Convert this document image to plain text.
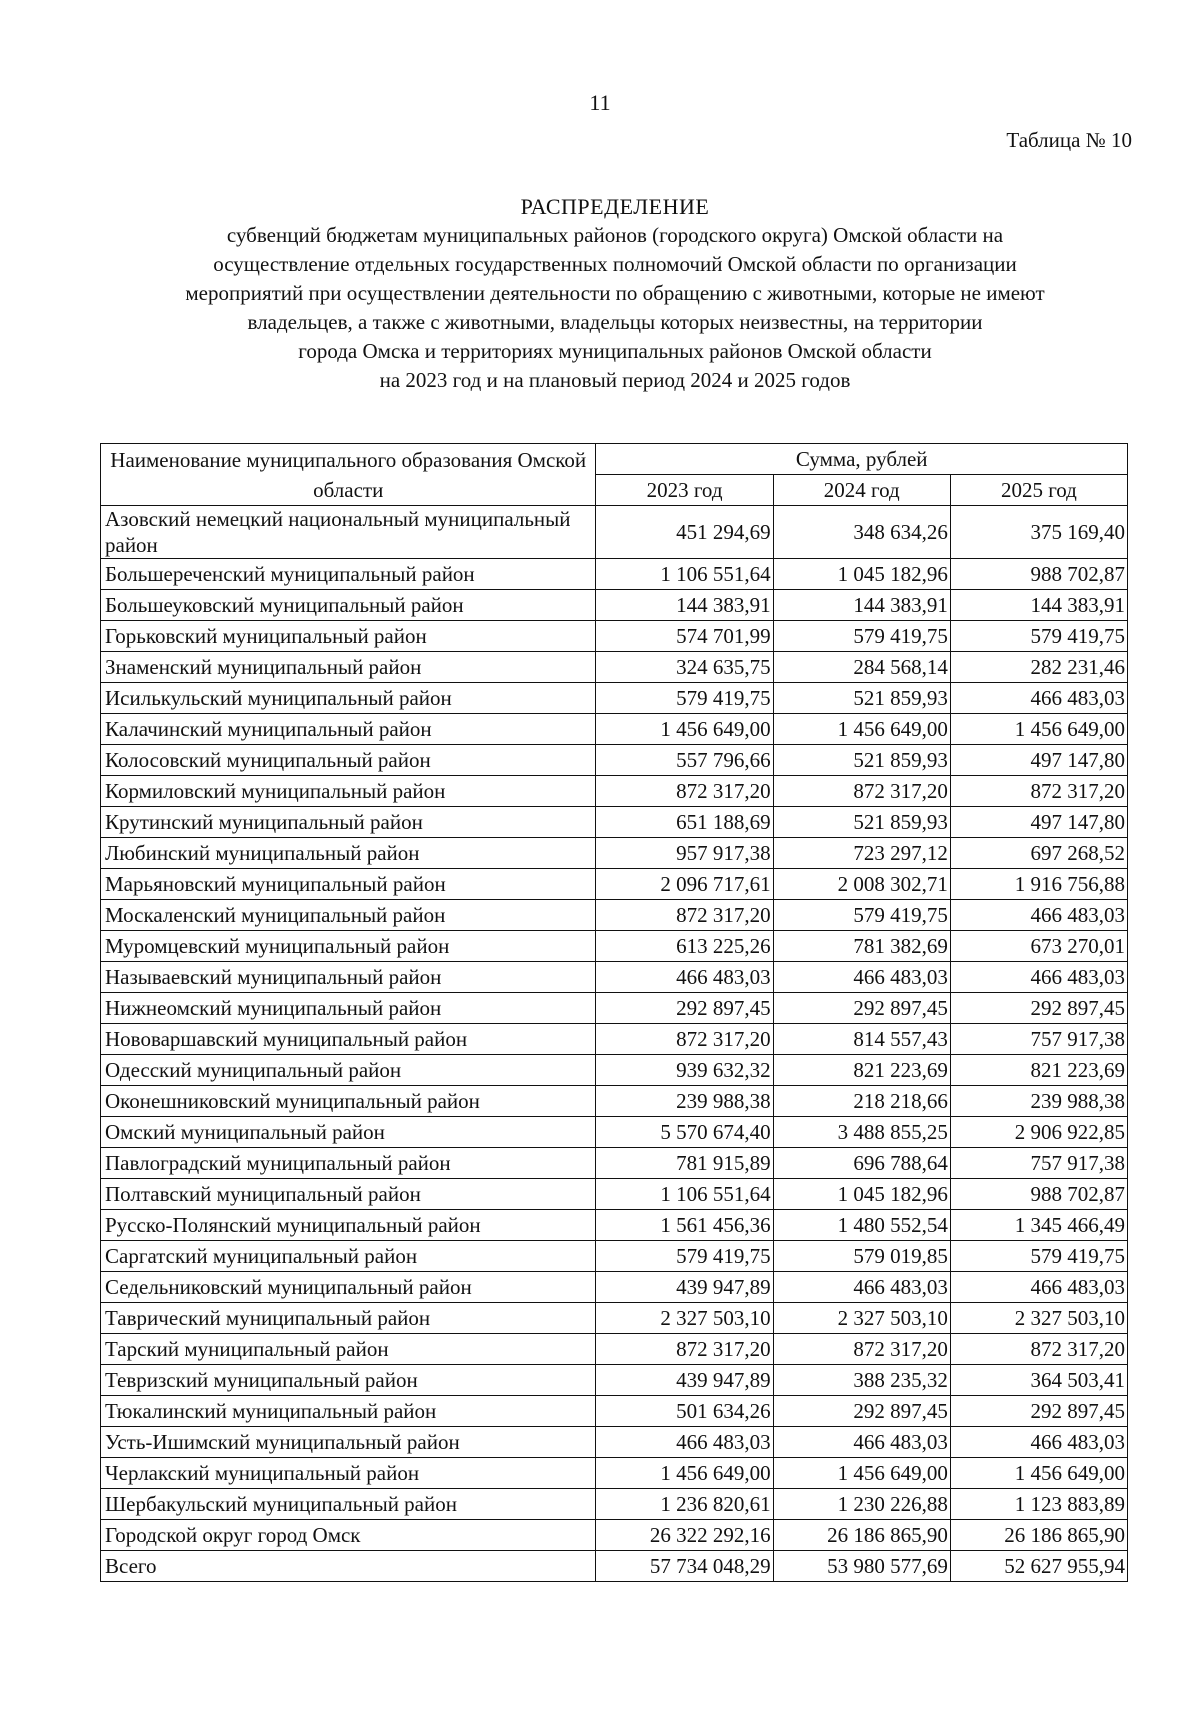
11
Таблица № 10
РАСПРЕДЕЛЕНИЕ
субвенций бюджетам муниципальных районов (городского округа) Омской области на
осуществление отдельных государственных полномочий Омской области по организации
мероприятий при осуществлении деятельности по обращению с животными, которые не имеют
владельцев, а также с животными, владельцы которых неизвестны, на территории
города Омска и территориях муниципальных районов Омской области
на 2023 год и на плановый период 2024 и 2025 годов
Наименование муниципального образования Омской области	Сумма, рублей		
	2023 год	2024 год	2025 год
Азовский немецкий национальный муниципальный район	451 294,69	348 634,26	375 169,40
Большереченский муниципальный район	1 106 551,64	1 045 182,96	988 702,87
Большеуковский муниципальный район	144 383,91	144 383,91	144 383,91
Горьковский муниципальный район	574 701,99	579 419,75	579 419,75
Знаменский муниципальный район	324 635,75	284 568,14	282 231,46
Исилькульский муниципальный район	579 419,75	521 859,93	466 483,03
Калачинский муниципальный район	1 456 649,00	1 456 649,00	1 456 649,00
Колосовский муниципальный район	557 796,66	521 859,93	497 147,80
Кормиловский муниципальный район	872 317,20	872 317,20	872 317,20
Крутинский муниципальный район	651 188,69	521 859,93	497 147,80
Любинский муниципальный район	957 917,38	723 297,12	697 268,52
Марьяновский муниципальный район	2 096 717,61	2 008 302,71	1 916 756,88
Москаленский муниципальный район	872 317,20	579 419,75	466 483,03
Муромцевский муниципальный район	613 225,26	781 382,69	673 270,01
Называевский муниципальный район	466 483,03	466 483,03	466 483,03
Нижнеомский муниципальный район	292 897,45	292 897,45	292 897,45
Нововаршавский муниципальный район	872 317,20	814 557,43	757 917,38
Одесский муниципальный район	939 632,32	821 223,69	821 223,69
Оконешниковский муниципальный район	239 988,38	218 218,66	239 988,38
Омский муниципальный район	5 570 674,40	3 488 855,25	2 906 922,85
Павлоградский муниципальный район	781 915,89	696 788,64	757 917,38
Полтавский муниципальный район	1 106 551,64	1 045 182,96	988 702,87
Русско-Полянский муниципальный район	1 561 456,36	1 480 552,54	1 345 466,49
Саргатский муниципальный район	579 419,75	579 019,85	579 419,75
Седельниковский муниципальный район	439 947,89	466 483,03	466 483,03
Таврический муниципальный район	2 327 503,10	2 327 503,10	2 327 503,10
Тарский муниципальный район	872 317,20	872 317,20	872 317,20
Тевризский муниципальный район	439 947,89	388 235,32	364 503,41
Тюкалинский муниципальный район	501 634,26	292 897,45	292 897,45
Усть-Ишимский муниципальный район	466 483,03	466 483,03	466 483,03
Черлакский муниципальный район	1 456 649,00	1 456 649,00	1 456 649,00
Шербакульский муниципальный район	1 236 820,61	1 230 226,88	1 123 883,89
Городской округ город Омск	26 322 292,16	26 186 865,90	26 186 865,90
Всего	57 734 048,29	53 980 577,69	52 627 955,94
